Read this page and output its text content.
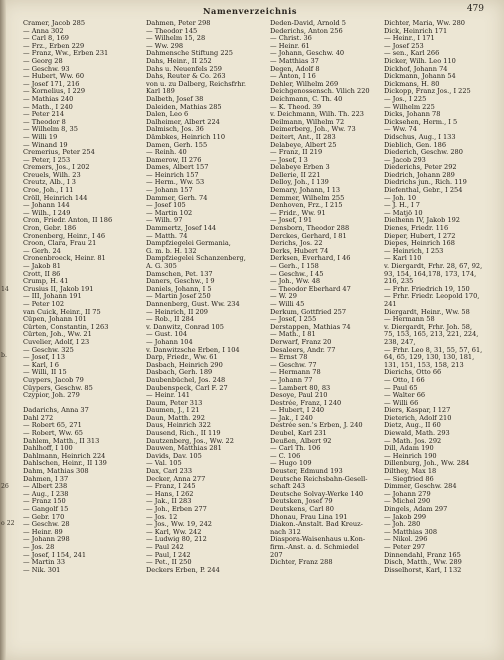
Namenverzeichnis	479
14
b.
26
o 22
Cramer, Jacob 285
— Anna 302
— Carl 8, 169
— Frz., Erben 229
— Franz, Ww., Erben 231
— Georg 28
— Geschw. 93
— Hubert, Ww. 60
— Josef 171, 216
— Kornelius, I 229
— Mathias 240
— Math., I 240
— Peter 214
— Theodor 8
— Wilhelm 8, 35
— Willi 19
— Winand 19
Cremerius, Peter 254
— Peter, I 253
Cremers, Jos., I 202
Creuels, Wilh. 23
Creutz, Alb., I 3
Croe, Joh., I 11
Cröll, Heinrich 144
— Johann 144
— Wilh., I 249
Cron, Friedr. Anton, II 186
Cron, Gebr. 186
Cronenberg, Heinr., I 46
Croon, Clara, Frau 21
— Gerh. 24
Cronenbroeck, Heinr. 81
— Jakob 81
Crott, II 86
Crump, H. 41
Crusius II, Jakob 191
— III, Johann 191
— Peter 102
van Cuick, Heinr., II 75
Cüpen, Johann 101
Cürten, Constantin, I 263
Cürten, Joh., Ww. 21
Cuvelier, Adolf, I 23
— Geschw. 325
— Josef, I 13
— Karl, I 6
— Willi, II 15
Cuypers, Jacob 79
Cüypers, Geschw. 85
Czypior, Joh. 279
Dadarichs, Anna 37
Dahl 272
— Robert 65, 271
— Robert, Ww. 65
Dahlem, Matth., II 313
Dahlhoff, I 100
Dahlmann, Heinrich 224
Dahlschen, Heinr., II 139
Dahm, Mathias 308
Dahmen, I 37
— Albert 238
— Aug., I 238
— Franz 150
— Gangolf 15
— Gebr. 170
— Geschw. 28
— Heinr. 89
— Johann 298
— Jos. 28
— Josef, I 154, 241
— Martin 33
— Nik. 301
Dahmen, Peter 298
— Theodor 145
— Wilhelm 15, 28
— Ww. 298
Dahmensche Stiftung 225
Dahs, Heinr., II 252
Dahs u. Neuenfels 259
Dahs, Reuter & Co. 263
von u. zu Dalberg, Reichsfrhr.
Karl 189
Dalbeth, Josef 38
Daleiden, Mathias 285
Dalen, Leo 6
Dalheimer, Albert 224
Dalmisch, Jos. 36
Dämbkes, Heinrich 110
Damen, Gerh. 155
— Reinh. 40
Damerow, II 276
Dames, Albert 157
— Heinrich 157
— Herm., Ww. 53
— Johann 157
Dammer, Gerh. 74
— Josef 105
— Martin 102
— Wilh. 97
Dammertz, Josef 144
— Matth. 74
Dampfziegelei Germania,
G. m. b. H. 132
Dampfziegelei Schanzenberg,
A. G. 305
Damschen, Pet. 137
Daners, Geschw., I 9
Daniels, Johann, I 5
— Martin Josef 250
Dannenberg, Gust. Ww. 234
— Heinrich, II 209
— Rob., II 284
v. Danwitz, Conrad 105
— Gust. 104
— Johann 104
v. Danwitzsche Erben, I 104
Darp, Friedr., Ww. 61
Dasbach, Heinrich 290
Dasbach, Gerh. 189
Daubenbüchel, Jos. 248
Daubenspeck, Carl F. 27
— Heinr. 141
Daum, Peter 313
Daumen, J., I 21
Daun, Matth. 292
Daus, Heinrich 322
Dausend, Rich., II 119
Dautzenberg, Jos., Ww. 22
Dauwen, Matthias 281
Davids, Dav. 105
— Val. 105
Dax, Carl 233
Decker, Anna 277
— Franz, I 245
— Hans, I 262
— Jak., II 283
— Joh., Erben 277
— Jos. 12
— Jos., Ww. 19, 242
— Karl, Ww. 242
— Ludwig 80, 212
— Paul 242
— Paul, I 242
— Pet., II 250
Deckers Erben, P. 244
Deden-David, Arnold 5
Dederichs, Anton 256
— Christ. 36
— Heinr. 61
— Johann, Geschw. 40
— Matthias 37
Degen, Adolf 8
— Anton, I 16
Dehler, Wilhelm 269
Deichgenossensch. Vilich 220
Deichmann, C. Th. 40
— K. Theod. 39
v. Deichmann, Wilh. Th. 223
Deilmann, Wilhelm 72
Deimerberg, Joh., Ww. 73
Deitert, Ant., II 283
Delabeye, Albert 25
— Franz, II 219
— Josef, I 3
Delabeye Erben 3
Dellerie, II 221
Delloy, Joh., I 139
Demary, Johann, I 13
Demmer, Wilhelm 255
Denhoven, Frz., I 215
— Fridr., Ww. 91
— Josef, I 91
Densborn, Theodor 288
Derckes, Gerhard, I 81
Derichs, Jos. 22
Derks, Hubert 74
Derksen, Everhard, I 46
— Gerh., I 158
— Geschw., I 45
— Joh., Ww. 48
— Theodor Eberhard 47
— W. 29
— Willi 45
Derkum, Gottfried 257
— Josef, I 255
Derstappen, Mathias 74
— Math., I 81
Derwarf, Franz 20
Desaleers, Andr. 77
— Ernst 78
— Geschw. 77
— Hermann 78
— Johann 77
— Lambert 80, 83
Desoye, Paul 210
Destrée, Franz, I 240
— Hubert, I 240
— Jak., I 240
Destrée sen.'s Erben, J. 240
Deubel, Karl 231
Deußen, Albert 92
— Carl Th. 106
— C. 106
— Hugo 109
Deuster, Edmund 193
Deutsche Reichsbahn-Gesell-
schaft 243
Deutsche Solvay-Werke 140
Deutsken, Josef 79
Deutskens, Carl 80
Dhonau, Frau Lina 191
Diakon.-Anstalt. Bad Kreuz-
nach 312
Diaspora-Waisenhaus u.Kon-
firm.-Anst. a. d. Schmiedel
207
Dichter, Franz 288
Dichter, Maria, Ww. 280
Dick, Heinrich 171
— Heinr., I 171
— Josef 253
— sen., Karl 266
Dicker, Wilh. Leo 110
Dickhof, Johann 74
Dickmann, Johann 54
Dickmans, H. 80
Dickopp, Franz Jos., I 225
— Jos., I 225
— Wilhelm 225
Dicks, Johann 78
Dicksehen, Herm., I 5
— Ww. 74
Didschus, Aug., I 133
Dieblich, Gen. 186
Diederich, Geschw. 280
— Jacob 293
Diederichs, Peter 292
Diedrich, Johann 289
Diedrichs jun., Rich. 119
Diefenthal, Gebr., I 254
— Joh. 10
— J. H., I 7
— Matjö 10
Dielhenn IV, Jakob 192
Dienes, Friedr. 116
Dieper, Hubert, I 272
Diepes, Heinrich 168
— Heinrich, I 253
— Karl 110
v. Diergardt, Frhr. 28, 67, 92,
93, 154, 164,178, 173, 174,
216, 235
— Frhr. Friedrich 19, 150
— Frhr. Friedr. Leopold 170,
241
Diergardt, Heinr., Ww. 58
— Hermann 58
v. Diergardt, Frhr. Joh. 58,
75, 153, 165, 213, 221, 224,
238, 247,
— Frhr. Leo 8, 31, 55, 57, 61,
64, 65, 129, 130, 130, 181,
131, 151, 153, 158, 213
Dierichs, Otto 66
— Otto, I 66
— Paul 65
— Walter 66
— Willi 66
Diers, Kaspar, I 127
Dieterich, Adolf 210
Dietz, Aug., II 60
Diewald, Math. 293
— Math. Jos. 292
Dill, Adam 190
— Heinrich 190
Dillenburg, Joh., Ww. 284
Dilthey, Max 18
— Siegfried 86
Dimmer, Geschw. 284
— Johann 279
— Michel 290
Dingels, Adam 297
— Jakob 299
— Joh. 280
— Matthias 308
— Nikol. 296
— Peter 297
Dinnendahl, Franz 165
Disch, Matth., Ww. 289
Disselhorst, Karl, I 132
